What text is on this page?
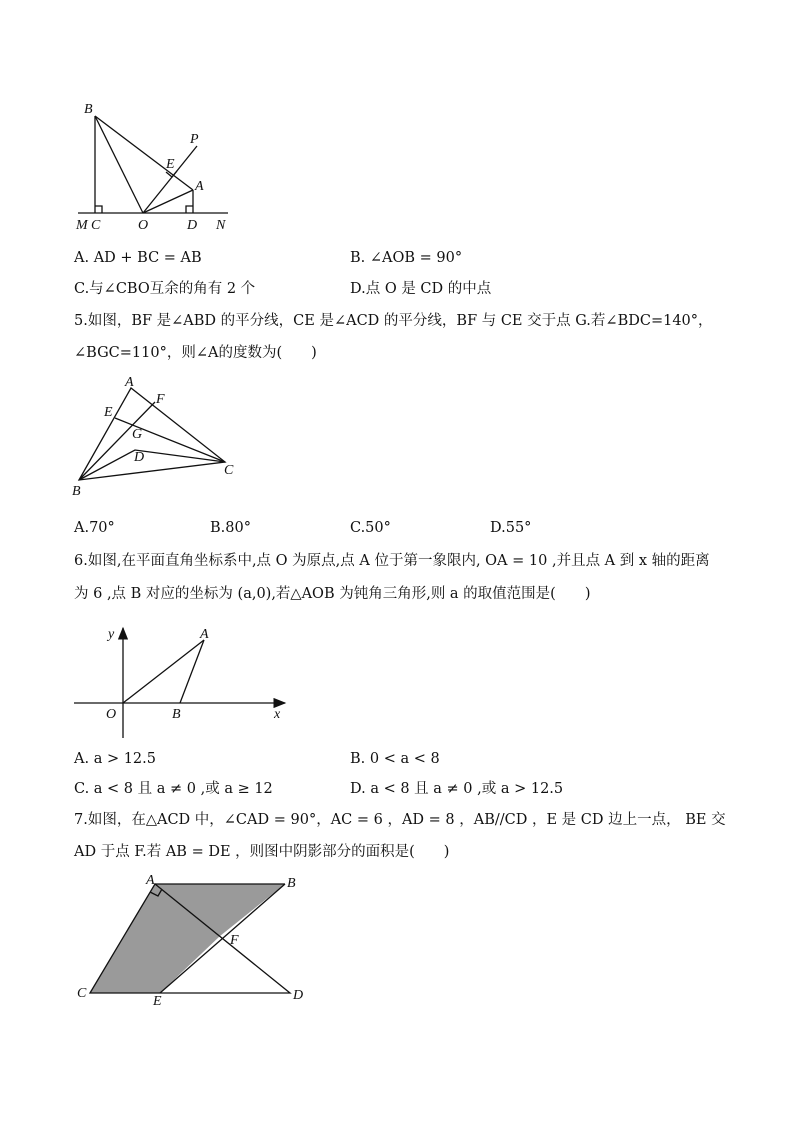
B
P
E
A
M C	O	D N
A. AD + BC = AB	B. ∠AOB = 90°
C.与∠CBO互余的角有 2 个	D.点 O 是 CD 的中点
5.如图，BF 是∠ABD 的平分线，CE 是∠ACD 的平分线，BF 与 CE 交于点 G.若∠BDC=140°，
∠BGC=110°，则∠A的度数为(　　)
A
F
E
G
D
C
B
A.70°	B.80°	C.50°	D.55°
6.如图,在平面直角坐标系中,点 O 为原点,点 A 位于第一象限内, OA = 10 ,并且点 A 到 x 轴的距离
为 6 ,点 B 对应的坐标为 (a,0),若△AOB 为钝角三角形,则 a 的取值范围是(　　)
y	A
O	B	x
A. a > 12.5	B. 0 < a < 8
C. a < 8 且 a ≠ 0 ,或 a ≥ 12	D. a < 8 且 a ≠ 0 ,或 a > 12.5
7.如图，在△ACD 中，∠CAD = 90°，AC = 6 ，AD = 8 ，AB//CD ，E 是 CD 边上一点， BE 交
AD 于点 F.若 AB = DE ，则图中阴影部分的面积是(　　)
A	B
F
C
E	D
